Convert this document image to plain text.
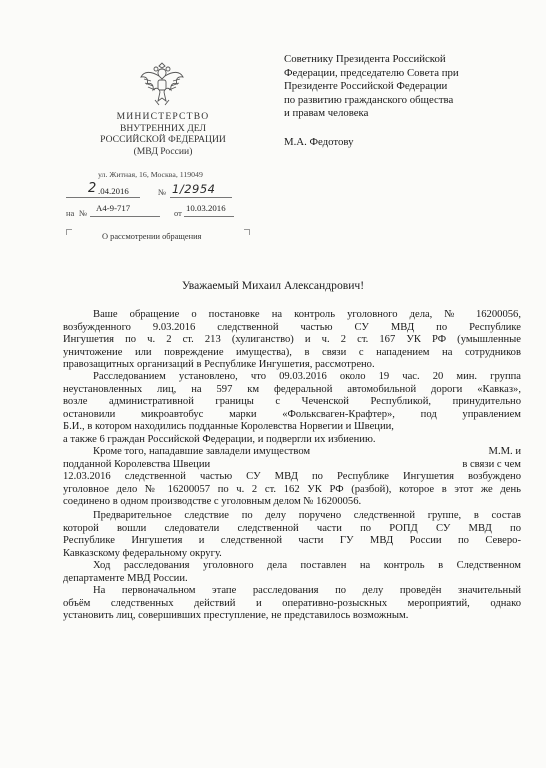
МИНИСТЕРСТВО
ВНУТРЕННИХ ДЕЛ
РОССИЙСКОЙ ФЕДЕРАЦИИ
(МВД России)
ул. Житная, 16, Москва, 119049
2 .04.2016	№ 1/2954
на № А4-9-717	от 10.03.2016
О рассмотрении обращения
Советнику Президента Российской
Федерации, председателю Совета при
Президенте Российской Федерации
по развитию гражданского общества
и правам человека
М.А. Федотову
Уважаемый Михаил Александрович!
Ваше обращение о постановке на контроль уголовного дела, № 16200056,
возбужденного 9.03.2016 следственной частью СУ МВД по Республике
Ингушетия по ч. 2 ст. 213 (хулиганство) и ч. 2 ст. 167 УК РФ (умышленные
уничтожение или повреждение имущества), в связи с нападением на сотрудников
правозащитных организаций в Республике Ингушетия, рассмотрено.
Расследованием установлено, что 09.03.2016 около 19 час. 20 мин. группа
неустановленных лиц, на 597 км федеральной автомобильной дороги «Кавказ»,
возле административной границы с Чеченской Республикой, принудительно
остановили микроавтобус марки «Фольксваген-Крафтер», под управлением
Б.И., в котором находились подданные Королевства Норвегии и Швеции,
а также 6 граждан Российской Федерации, и подвергли их избиению.
Кроме того, нападавшие завладели имуществом	М.М. и
подданной Королевства Швеции	в связи с чем
12.03.2016 следственной частью СУ МВД по Республике Ингушетия возбуждено
уголовное дело № 16200057 по ч. 2 ст. 162 УК РФ (разбой), которое в этот же день
соединено в одном производстве с уголовным делом № 16200056.
Предварительное следствие по делу поручено следственной группе, в состав
которой вошли следователи следственной части по РОПД СУ МВД по
Республике Ингушетия и следственной части ГУ МВД России по Северо-
Кавказскому федеральному округу.
Ход расследования уголовного дела поставлен на контроль в Следственном
департаменте МВД России.
На первоначальном этапе расследования по делу проведён значительный
объём следственных действий и оперативно-розыскных мероприятий, однако
установить лиц, совершивших преступление, не представилось возможным.
